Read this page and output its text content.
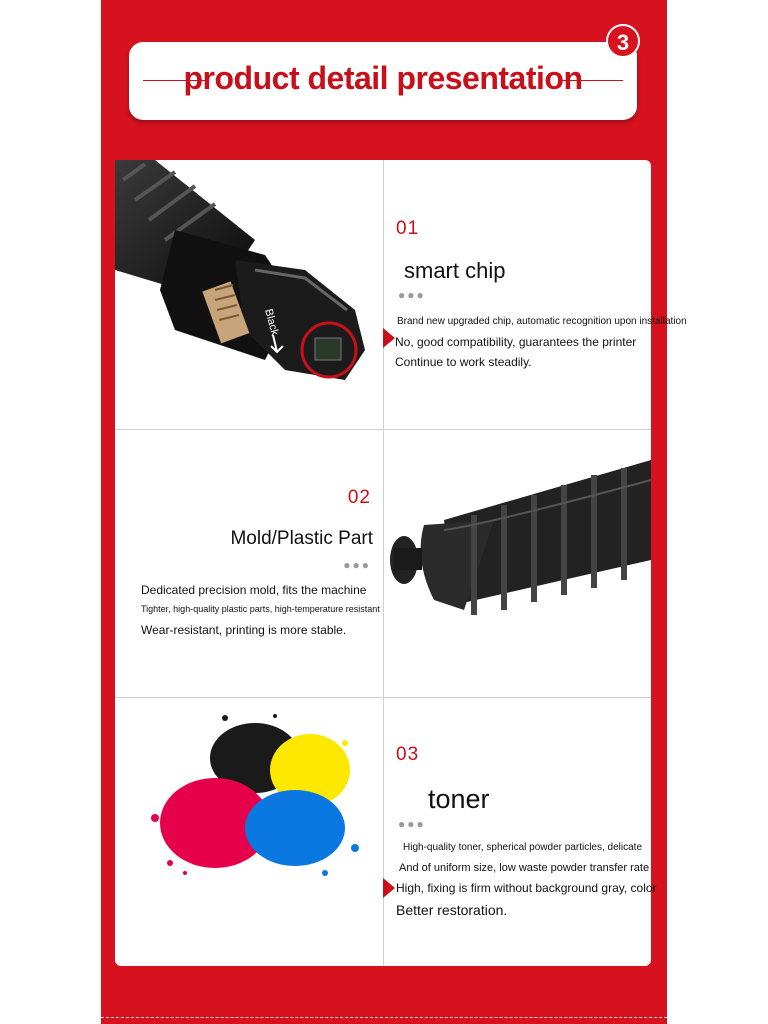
product detail presentation
3
Black
01
smart chip
●●●
Brand new upgraded chip, automatic recognition upon installation
No, good compatibility, guarantees the printer
Continue to work steadily.
02
Mold/Plastic Part
●●●
Dedicated precision mold, fits the machine
Tighter, high-quality plastic parts, high-temperature resistant
Wear-resistant, printing is more stable.
03
toner
●●●
High-quality toner, spherical powder particles, delicate
And of uniform size, low waste powder transfer rate
High, fixing is firm without background gray, color
Better restoration.
